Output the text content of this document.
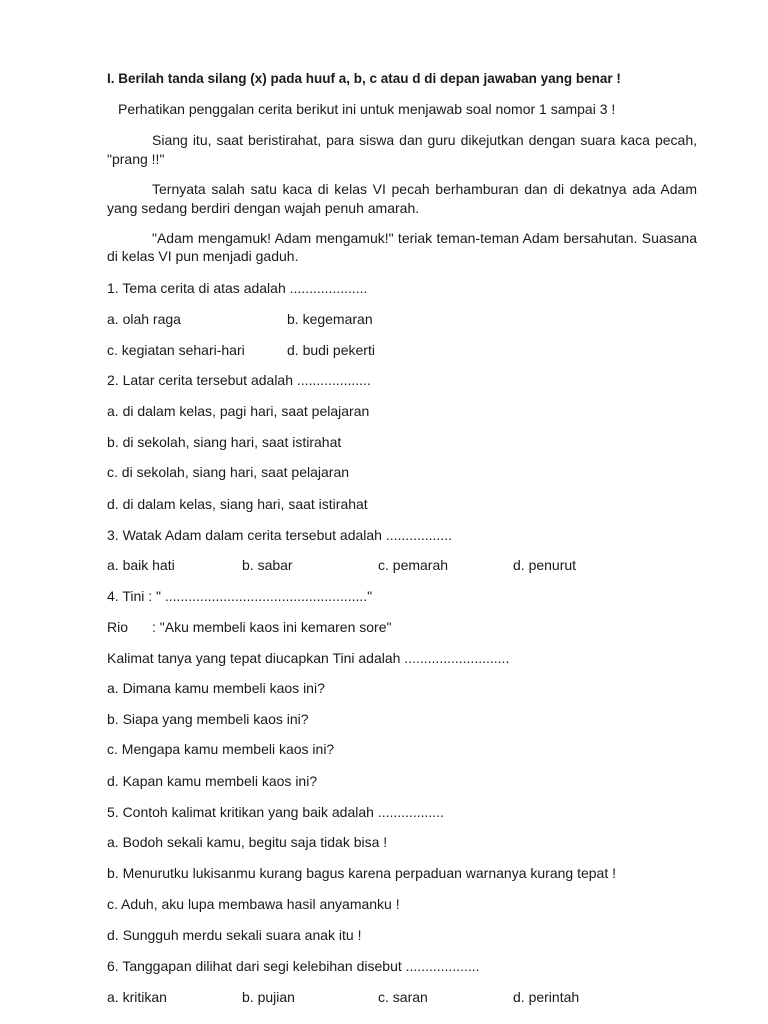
I. Berilah tanda silang (x) pada huuf a, b, c atau d di depan jawaban yang benar !
Perhatikan penggalan cerita berikut ini untuk menjawab soal nomor 1 sampai 3 !
Siang itu, saat beristirahat, para siswa dan guru dikejutkan dengan suara kaca pecah,
"prang !!"
Ternyata salah satu kaca di kelas VI pecah berhamburan dan di dekatnya ada Adam
yang sedang berdiri dengan wajah penuh amarah.
"Adam mengamuk! Adam mengamuk!" teriak teman-teman Adam bersahutan. Suasana
di kelas VI pun menjadi gaduh.
1. Tema cerita di atas adalah ....................
a. olah raga	b. kegemaran
c. kegiatan sehari-hari	d. budi pekerti
2. Latar cerita tersebut adalah ...................
a. di dalam kelas, pagi hari, saat pelajaran
b. di sekolah, siang hari, saat istirahat
c. di sekolah, siang hari, saat pelajaran
d. di dalam kelas, siang hari, saat istirahat
3. Watak Adam dalam cerita tersebut adalah .................
a. baik hati	b. sabar	c. pemarah	d. penurut
4. Tini : " ...................................................."
Rio : "Aku membeli kaos ini kemaren sore"
Kalimat tanya yang tepat diucapkan Tini adalah ...........................
a. Dimana kamu membeli kaos ini?
b. Siapa yang membeli kaos ini?
c. Mengapa kamu membeli kaos ini?
d. Kapan kamu membeli kaos ini?
5. Contoh kalimat kritikan yang baik adalah .................
a. Bodoh sekali kamu, begitu saja tidak bisa !
b. Menurutku lukisanmu kurang bagus karena perpaduan warnanya kurang tepat !
c. Aduh, aku lupa membawa hasil anyamanku !
d. Sungguh merdu sekali suara anak itu !
6. Tanggapan dilihat dari segi kelebihan disebut ...................
a. kritikan	b. pujian	c. saran	d. perintah
